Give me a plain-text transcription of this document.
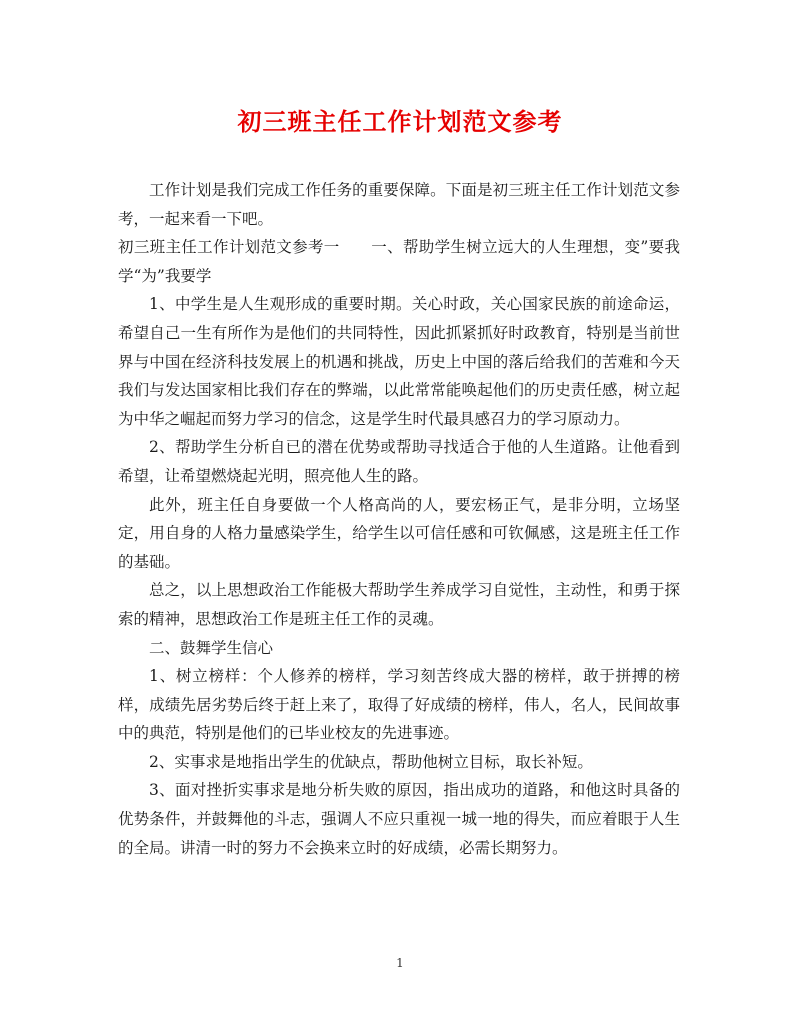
初三班主任工作计划范文参考

工作计划是我们完成工作任务的重要保障。下面是初三班主任工作计划范文参考，一起来看一下吧。

初三班主任工作计划范文参考一　　一、帮助学生树立远大的人生理想，变”要我学“为”我要学

1、中学生是人生观形成的重要时期。关心时政，关心国家民族的前途命运，希望自己一生有所作为是他们的共同特性，因此抓紧抓好时政教育，特别是当前世界与中国在经济科技发展上的机遇和挑战，历史上中国的落后给我们的苦难和今天我们与发达国家相比我们存在的弊端，以此常常能唤起他们的历史责任感，树立起为中华之崛起而努力学习的信念，这是学生时代最具感召力的学习原动力。

2、帮助学生分析自已的潜在优势或帮助寻找适合于他的人生道路。让他看到希望，让希望燃烧起光明，照亮他人生的路。

此外，班主任自身要做一个人格高尚的人，要宏杨正气，是非分明，立场坚定，用自身的人格力量感染学生，给学生以可信任感和可钦佩感，这是班主任工作的基础。

总之，以上思想政治工作能极大帮助学生养成学习自觉性，主动性，和勇于探索的精神，思想政治工作是班主任工作的灵魂。

二、鼓舞学生信心

1、树立榜样：个人修养的榜样，学习刻苦终成大器的榜样，敢于拼搏的榜样，成绩先居劣势后终于赶上来了，取得了好成绩的榜样，伟人，名人，民间故事中的典范，特别是他们的已毕业校友的先进事迹。

2、实事求是地指出学生的优缺点，帮助他树立目标，取长补短。

3、面对挫折实事求是地分析失败的原因，指出成功的道路，和他这时具备的优势条件，并鼓舞他的斗志，强调人不应只重视一城一地的得失，而应着眼于人生的全局。讲清一时的努力不会换来立时的好成绩，必需长期努力。

1
